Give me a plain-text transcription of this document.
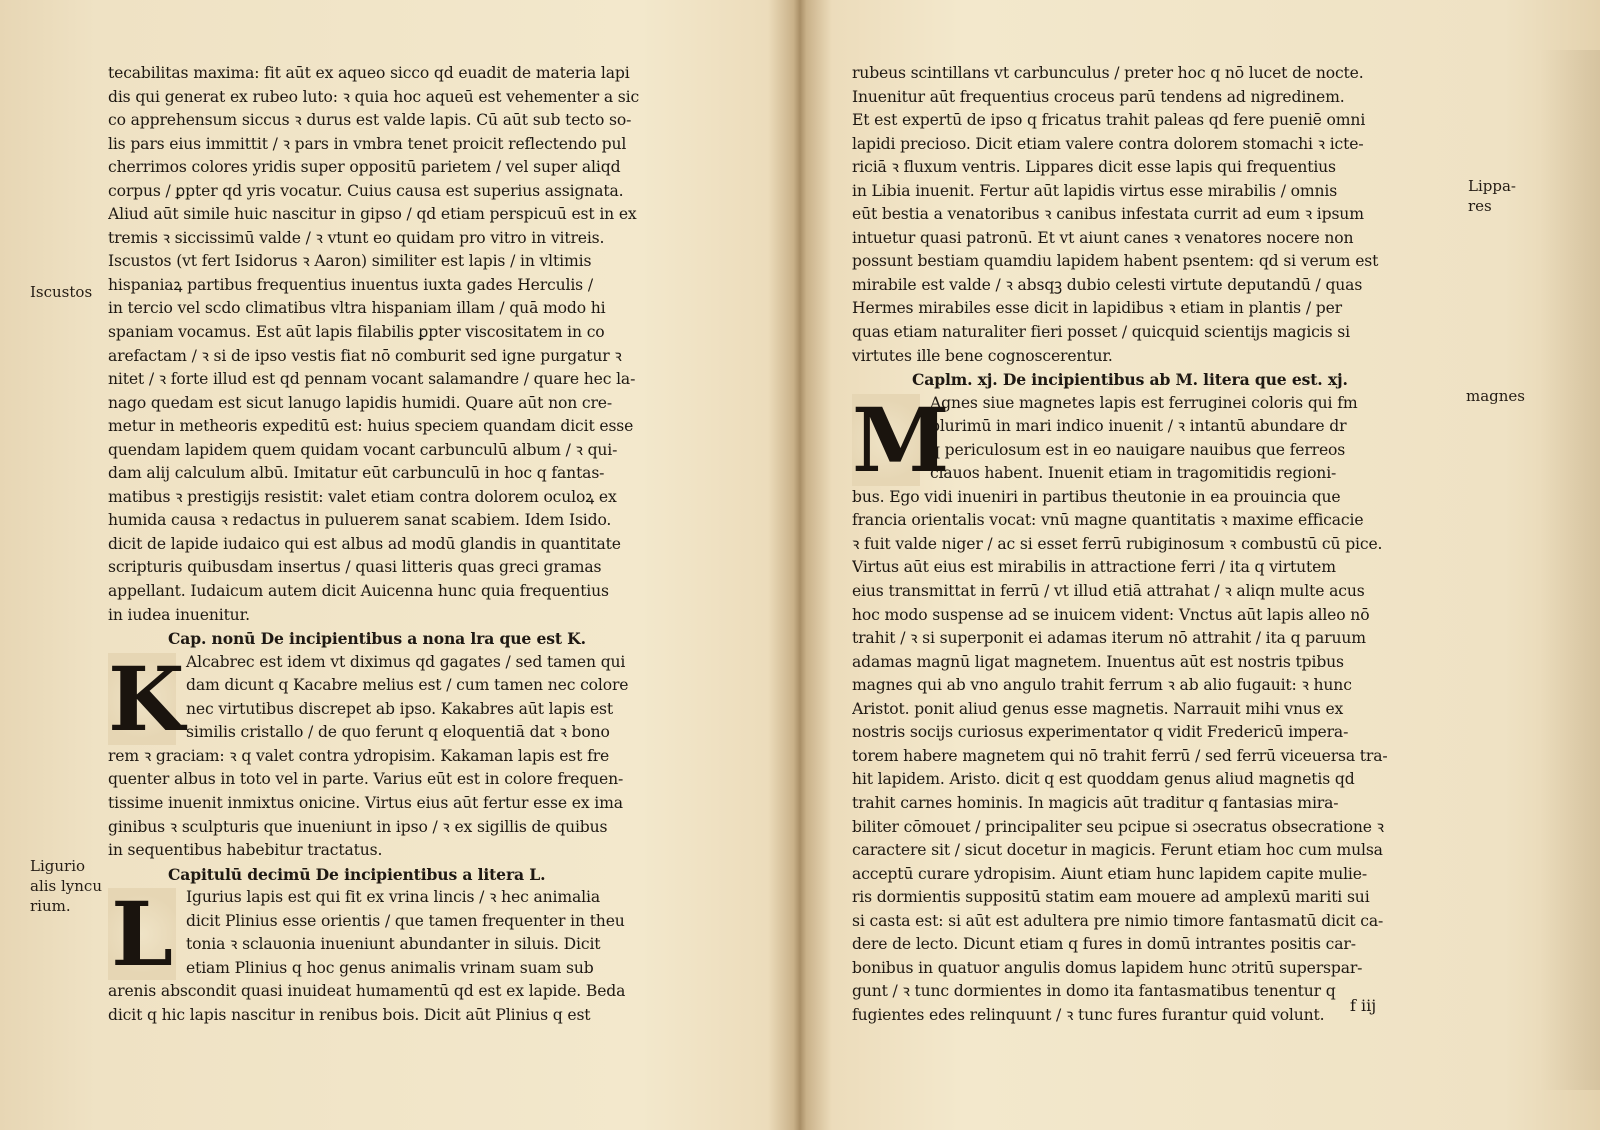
tecabilitas maxima: fit aūt ex aqueo sicco qd euadit de materia lapi

dis qui generat ex rubeo luto: ꝛ quia hoc aqueū est vehementer a sic

co apprehensum siccus ꝛ durus est valde lapis. Cū aūt sub tecto so-

lis pars eius immittit / ꝛ pars in vmbra tenet proicit reflectendo pul

cherrimos colores yridis super oppositū parietem / vel super aliqd

corpus / ꝑpter qd yris vocatur. Cuius causa est superius assignata.

Aliud aūt simile huic nascitur in gipso / qd etiam perspicuū est in ex

tremis ꝛ siccissimū valde / ꝛ vtunt eo quidam pro vitro in vitreis.

Iscustos (vt fert Isidorus ꝛ Aaron) similiter est lapis / in vltimis

hispaniaꝝ partibus frequentius inuentus iuxta gades Herculis /

in tercio vel scdo climatibus vltra hispaniam illam / quā modo hi

spaniam vocamus. Est aūt lapis filabilis ꝑpter viscositatem in co

arefactam / ꝛ si de ipso vestis fiat nō comburit sed igne purgatur ꝛ

nitet / ꝛ forte illud est qd pennam vocant salamandre / quare hec la-

nago quedam est sicut lanugo lapidis humidi. Quare aūt non cre-

metur in metheoris expeditū est: huius speciem quandam dicit esse

quendam lapidem quem quidam vocant carbunculū album / ꝛ qui-

dam alij calculum albū. Imitatur eūt carbunculū in hoc q fantas-

matibus ꝛ prestigijs resistit: valet etiam contra dolorem oculoꝝ ex

humida causa ꝛ redactus in puluerem sanat scabiem. Idem Isido.

dicit de lapide iudaico qui est albus ad modū glandis in quantitate

scripturis quibusdam insertus / quasi litteris quas greci gramas

appellant. Iudaicum autem dicit Auicenna hunc quia frequentius

in iudea inuenitur.

Cap. nonū De incipientibus a nona lra que est K.

K Alcabrec est idem vt diximus qd gagates / sed tamen qui

dam dicunt q Kacabre melius est / cum tamen nec colore

nec virtutibus discrepet ab ipso. Kakabres aūt lapis est

similis cristallo / de quo ferunt q eloquentiā dat ꝛ bono

rem ꝛ graciam: ꝛ q valet contra ydropisim. Kakaman lapis est fre

quenter albus in toto vel in parte. Varius eūt est in colore frequen-

tissime inuenit inmixtus onicine. Virtus eius aūt fertur esse ex ima

ginibus ꝛ sculpturis que inueniunt in ipso / ꝛ ex sigillis de quibus

in sequentibus habebitur tractatus.

Capitulū decimū De incipientibus a litera L.

L Igurius lapis est qui fit ex vrina lincis / ꝛ hec animalia

dicit Plinius esse orientis / que tamen frequenter in theu

tonia ꝛ sclauonia inueniunt abundanter in siluis. Dicit

etiam Plinius q hoc genus animalis vrinam suam sub

arenis abscondit quasi inuideat humamentū qd est ex lapide. Beda

dicit q hic lapis nascitur in renibus bois. Dicit aūt Plinius q est

Iscustos
Ligurio
alis lyncu
rium.

rubeus scintillans vt carbunculus / preter hoc q nō lucet de nocte.

Inuenitur aūt frequentius croceus parū tendens ad nigredinem.

Et est expertū de ipso q fricatus trahit paleas qd fere pueniē omni

lapidi precioso. Dicit etiam valere contra dolorem stomachi ꝛ icte-

riciā ꝛ fluxum ventris. Lippares dicit esse lapis qui frequentius

in Libia inuenit. Fertur aūt lapidis virtus esse mirabilis / omnis

eūt bestia a venatoribus ꝛ canibus infestata currit ad eum ꝛ ipsum

intuetur quasi patronū. Et vt aiunt canes ꝛ venatores nocere non

possunt bestiam quamdiu lapidem habent psentem: qd si verum est

mirabile est valde / ꝛ absqꝫ dubio celesti virtute deputandū / quas

Hermes mirabiles esse dicit in lapidibus ꝛ etiam in plantis / per

quas etiam naturaliter fieri posset / quicquid scientijs magicis si

virtutes ille bene cognoscerentur.

Caplm. xj. De incipientibus ab M. litera que est. xj.

M

Agnes siue magnetes lapis est ferruginei coloris qui fm

plurimū in mari indico inuenit / ꝛ intantū abundare dr

q periculosum est in eo nauigare nauibus que ferreos

clauos habent. Inuenit etiam in tragomitidis regioni-

bus. Ego vidi inueniri in partibus theutonie in ea prouincia que

francia orientalis vocat: vnū magne quantitatis ꝛ maxime efficacie

ꝛ fuit valde niger / ac si esset ferrū rubiginosum ꝛ combustū cū pice.

Virtus aūt eius est mirabilis in attractione ferri / ita q virtutem

eius transmittat in ferrū / vt illud etiā attrahat / ꝛ aliqn multe acus

hoc modo suspense ad se inuicem vident: Vnctus aūt lapis alleo nō

trahit / ꝛ si superponit ei adamas iterum nō attrahit / ita q paruum

adamas magnū ligat magnetem. Inuentus aūt est nostris tpibus

magnes qui ab vno angulo trahit ferrum ꝛ ab alio fugauit: ꝛ hunc

Aristot. ponit aliud genus esse magnetis. Narrauit mihi vnus ex

nostris socijs curiosus experimentator q vidit Fredericū impera-

torem habere magnetem qui nō trahit ferrū / sed ferrū viceuersa tra-

hit lapidem. Aristo. dicit q est quoddam genus aliud magnetis qd

trahit carnes hominis. In magicis aūt traditur q fantasias mira-

biliter cōmouet / principaliter seu pcipue si ɔsecratus obsecratione ꝛ

caractere sit / sicut docetur in magicis. Ferunt etiam hoc cum mulsa

acceptū curare ydropisim. Aiunt etiam hunc lapidem capite mulie-

ris dormientis suppositū statim eam mouere ad amplexū mariti sui

si casta est: si aūt est adultera pre nimio timore fantasmatū dicit ca-

dere de lecto. Dicunt etiam q fures in domū intrantes positis car-

bonibus in quatuor angulis domus lapidem hunc ɔtritū superspar-

gunt / ꝛ tunc dormientes in domo ita fantasmatibus tenentur q

fugientes edes relinquunt / ꝛ tunc fures furantur quid volunt.

Lippa-
res
magnes
f iij
